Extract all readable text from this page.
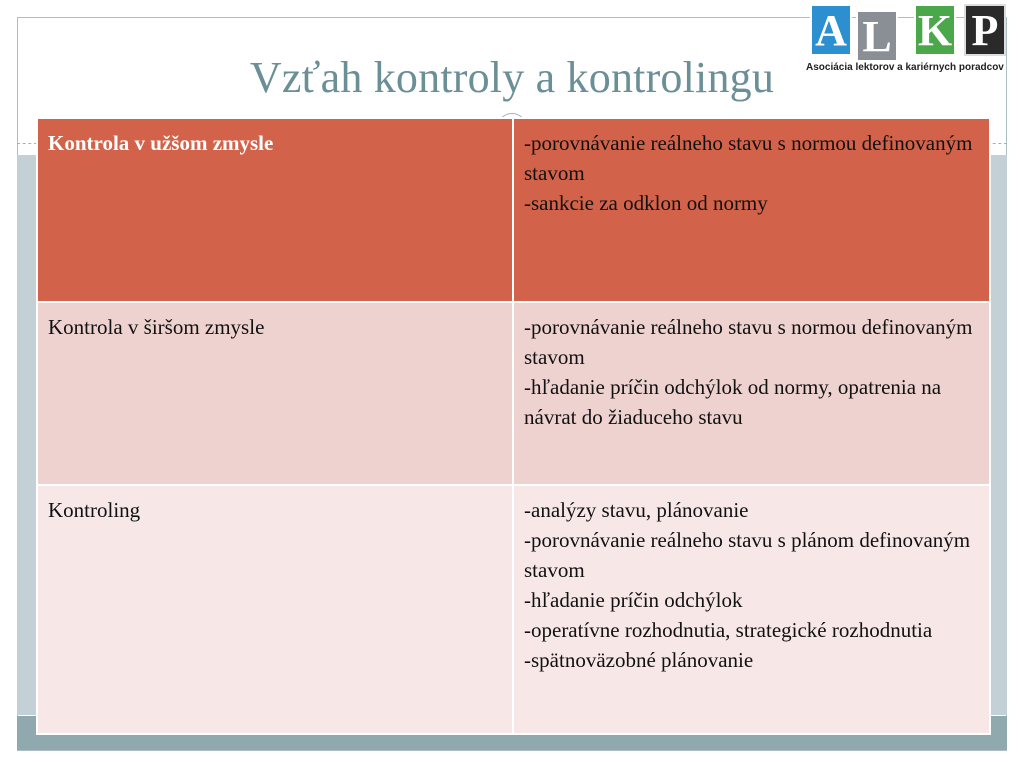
Vzťah kontroly a kontrolingu
A L K P
Asociácia lektorov a kariérnych poradcov
Kontrola v užšom zmysle	-porovnávanie reálneho stavu s normou definovaným stavom
-sankcie za odklon od normy

Kontrola v širšom zmysle	-porovnávanie reálneho stavu s normou definovaným stavom
-hľadanie príčin odchýlok od normy, opatrenia na návrat do žiaduceho stavu

Kontroling	-analýzy stavu, plánovanie
-porovnávanie reálneho stavu s plánom definovaným stavom
-hľadanie príčin odchýlok
-operatívne rozhodnutia, strategické rozhodnutia
-spätnoväzobné plánovanie
